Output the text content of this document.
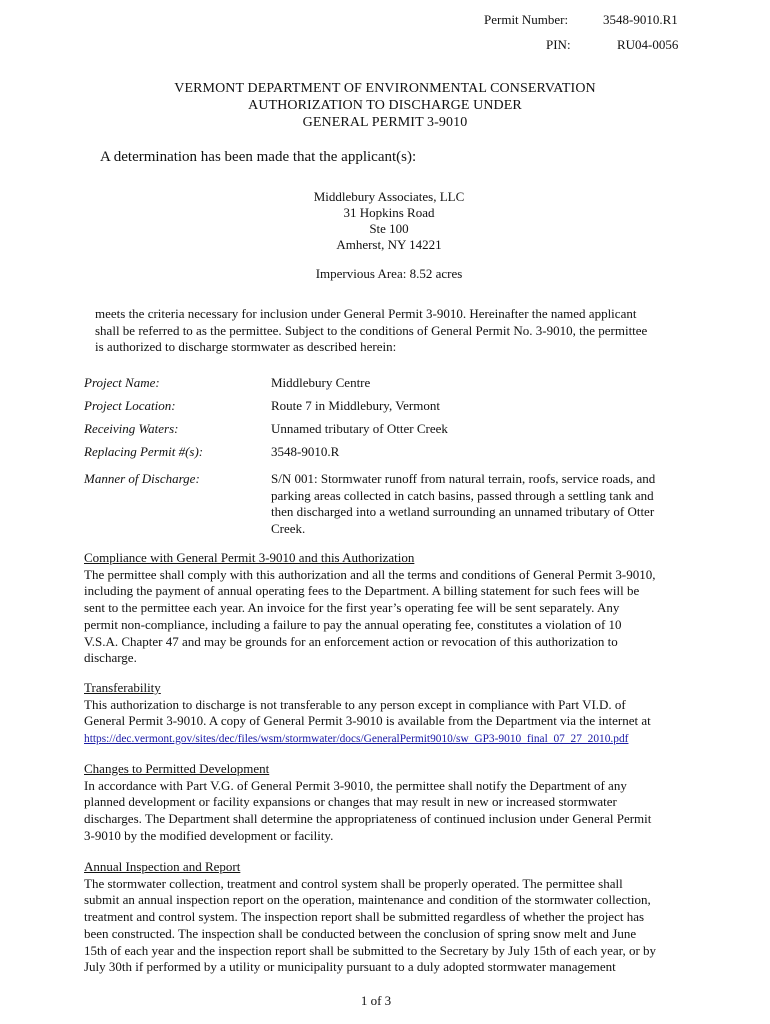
Permit Number:	3548-9010.R1
PIN:	RU04-0056
VERMONT DEPARTMENT OF ENVIRONMENTAL CONSERVATION
AUTHORIZATION TO DISCHARGE UNDER
GENERAL PERMIT 3-9010
A determination has been made that the applicant(s):
Middlebury Associates, LLC
31 Hopkins Road
Ste 100
Amherst, NY 14221
Impervious Area: 8.52 acres

meets the criteria necessary for inclusion under General Permit 3-9010. Hereinafter the named applicant

shall be referred to as the permittee. Subject to the conditions of General Permit No. 3-9010, the permittee

is authorized to discharge stormwater as described herein:

Project Name:	Middlebury Centre
Project Location:	Route 7 in Middlebury, Vermont
Receiving Waters:	Unnamed tributary of Otter Creek
Replacing Permit #(s):	3548-9010.R
Manner of Discharge:	S/N 001: Stormwater runoff from natural terrain, roofs, service roads, and
parking areas collected in catch basins, passed through a settling tank and
then discharged into a wetland surrounding an unnamed tributary of Otter
Creek.

Compliance with General Permit 3-9010 and this Authorization

The permittee shall comply with this authorization and all the terms and conditions of General Permit 3-9010,

including the payment of annual operating fees to the Department. A billing statement for such fees will be

sent to the permittee each year. An invoice for the first year’s operating fee will be sent separately. Any

permit non-compliance, including a failure to pay the annual operating fee, constitutes a violation of 10

V.S.A. Chapter 47 and may be grounds for an enforcement action or revocation of this authorization to

discharge.

Transferability

This authorization to discharge is not transferable to any person except in compliance with Part VI.D. of

General Permit 3-9010. A copy of General Permit 3-9010 is available from the Department via the internet at

https://dec.vermont.gov/sites/dec/files/wsm/stormwater/docs/GeneralPermit9010/sw_GP3-9010_final_07_27_2010.pdf

Changes to Permitted Development

In accordance with Part V.G. of General Permit 3-9010, the permittee shall notify the Department of any

planned development or facility expansions or changes that may result in new or increased stormwater

discharges. The Department shall determine the appropriateness of continued inclusion under General Permit

3-9010 by the modified development or facility.

Annual Inspection and Report

The stormwater collection, treatment and control system shall be properly operated. The permittee shall

submit an annual inspection report on the operation, maintenance and condition of the stormwater collection,

treatment and control system. The inspection report shall be submitted regardless of whether the project has

been constructed. The inspection shall be conducted between the conclusion of spring snow melt and June

15th of each year and the inspection report shall be submitted to the Secretary by July 15th of each year, or by

July 30th if performed by a utility or municipality pursuant to a duly adopted stormwater management

1 of 3
